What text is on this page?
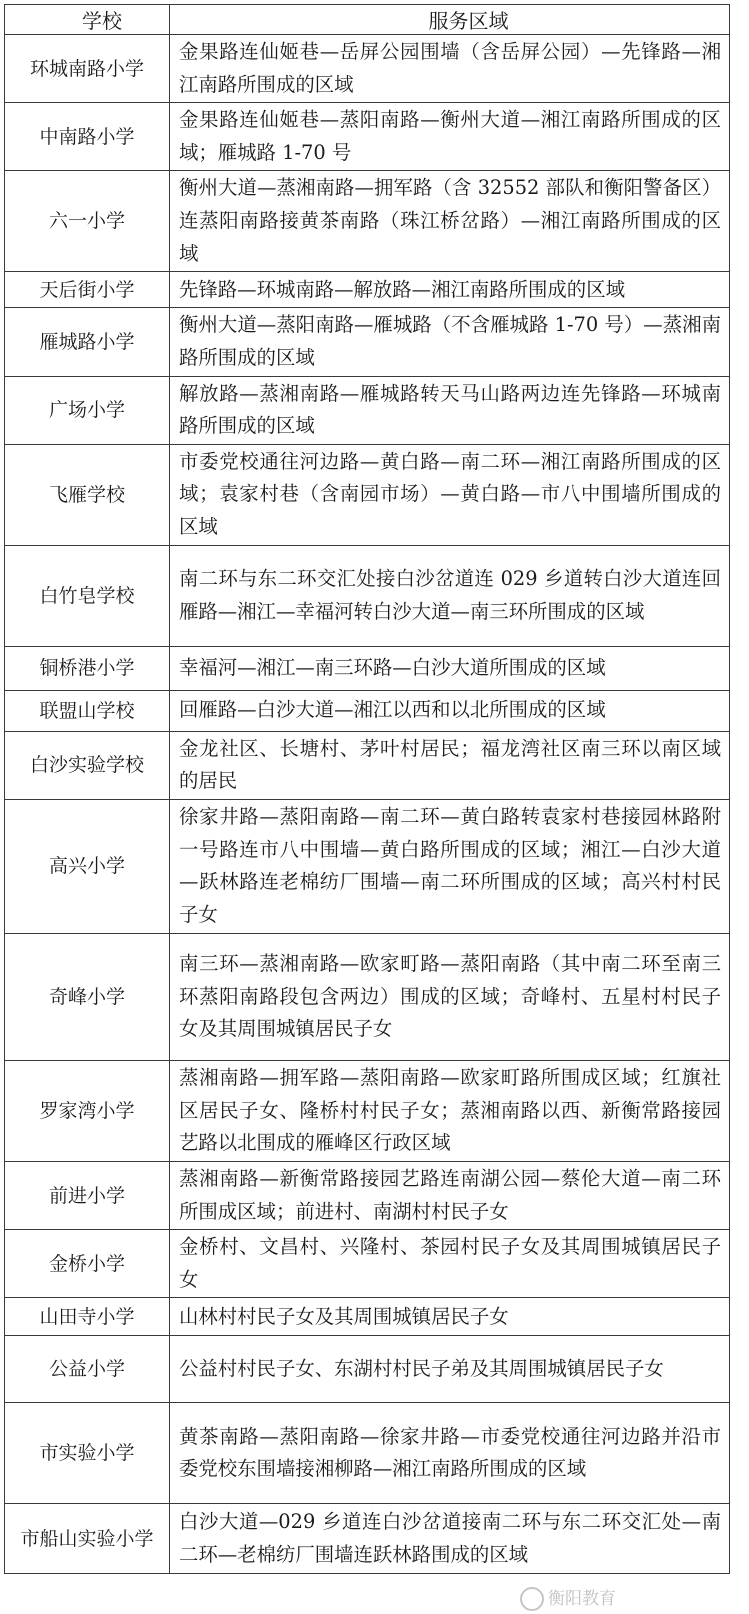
学校	服务区域
环城南路小学	金果路连仙姬巷—岳屏公园围墙（含岳屏公园）—先锋路—湘江南路所围成的区域
中南路小学	金果路连仙姬巷—蒸阳南路—衡州大道—湘江南路所围成的区域；雁城路 1-70 号
六一小学	衡州大道—蒸湘南路—拥军路（含 32552 部队和衡阳警备区）连蒸阳南路接黄茶南路（珠江桥岔路）—湘江南路所围成的区域
天后街小学	先锋路—环城南路—解放路—湘江南路所围成的区域
雁城路小学	衡州大道—蒸阳南路—雁城路（不含雁城路 1-70 号）—蒸湘南路所围成的区域
广场小学	解放路—蒸湘南路—雁城路转天马山路两边连先锋路—环城南路所围成的区域
飞雁学校	市委党校通往河边路—黄白路—南二环—湘江南路所围成的区域；袁家村巷（含南园市场）—黄白路—市八中围墙所围成的区域
白竹皂学校	南二环与东二环交汇处接白沙岔道连 029 乡道转白沙大道连回雁路—湘江—幸福河转白沙大道—南三环所围成的区域
铜桥港小学	幸福河—湘江—南三环路—白沙大道所围成的区域
联盟山学校	回雁路—白沙大道—湘江以西和以北所围成的区域
白沙实验学校	金龙社区、长塘村、茅叶村居民；福龙湾社区南三环以南区域的居民
高兴小学	徐家井路—蒸阳南路—南二环—黄白路转袁家村巷接园林路附一号路连市八中围墙—黄白路所围成的区域；湘江—白沙大道—跃林路连老棉纺厂围墙—南二环所围成的区域；高兴村村民子女
奇峰小学	南三环—蒸湘南路—欧家町路—蒸阳南路（其中南二环至南三环蒸阳南路段包含两边）围成的区域；奇峰村、五星村村民子女及其周围城镇居民子女
罗家湾小学	蒸湘南路—拥军路—蒸阳南路—欧家町路所围成区域；红旗社区居民子女、隆桥村村民子女；蒸湘南路以西、新衡常路接园艺路以北围成的雁峰区行政区域
前进小学	蒸湘南路—新衡常路接园艺路连南湖公园—蔡伦大道—南二环所围成区域；前进村、南湖村村民子女
金桥小学	金桥村、文昌村、兴隆村、茶园村民子女及其周围城镇居民子女
山田寺小学	山林村村民子女及其周围城镇居民子女
公益小学	公益村村民子女、东湖村村民子弟及其周围城镇居民子女
市实验小学	黄茶南路—蒸阳南路—徐家井路—市委党校通往河边路并沿市委党校东围墙接湘柳路—湘江南路所围成的区域
市船山实验小学	白沙大道—029 乡道连白沙岔道接南二环与东二环交汇处—南二环—老棉纺厂围墙连跃林路围成的区域
衡阳教育
